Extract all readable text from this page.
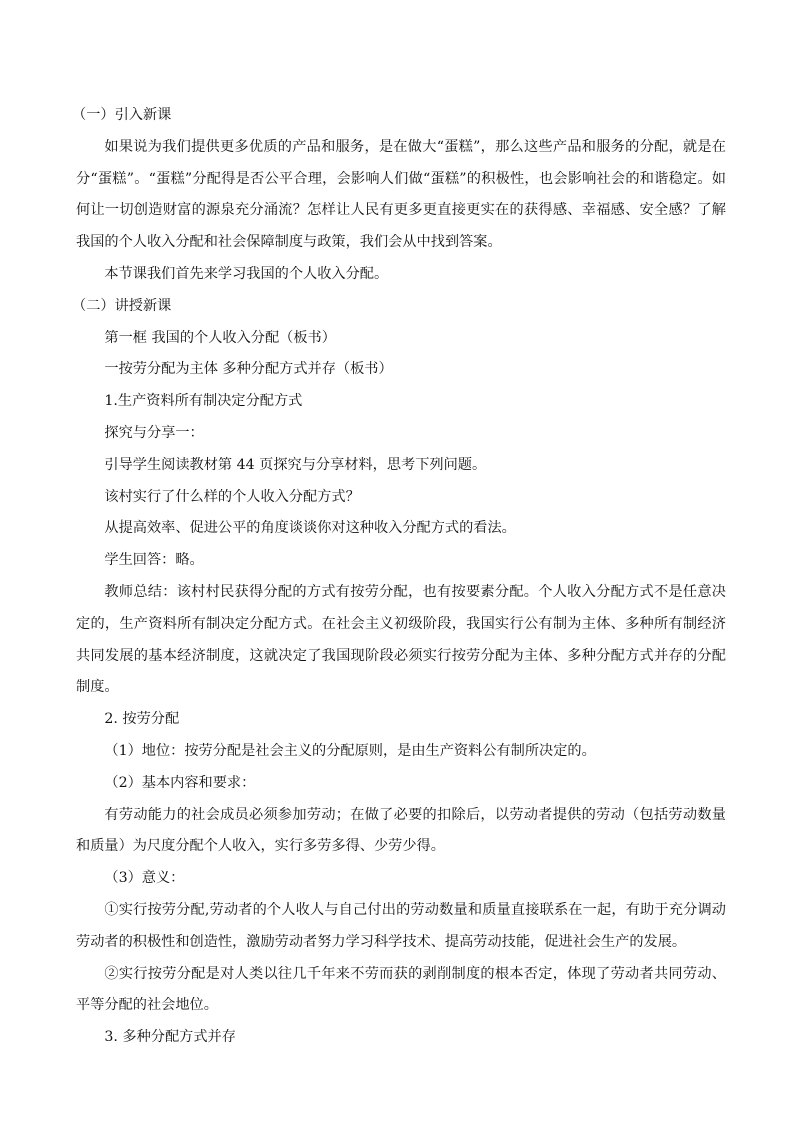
（一）引入新课

如果说为我们提供更多优质的产品和服务，是在做大“蛋糕”，那么这些产品和服务的分配，就是在分“蛋糕”。“蛋糕”分配得是否公平合理，会影响人们做“蛋糕”的积极性，也会影响社会的和谐稳定。如何让一切创造财富的源泉充分涌流？怎样让人民有更多更直接更实在的获得感、幸福感、安全感？了解我国的个人收入分配和社会保障制度与政策，我们会从中找到答案。

本节课我们首先来学习我国的个人收入分配。

（二）讲授新课

第一框 我国的个人收入分配（板书）

一按劳分配为主体 多种分配方式并存（板书）

1.生产资料所有制决定分配方式

探究与分享一：

引导学生阅读教材第 44 页探究与分享材料，思考下列问题。

该村实行了什么样的个人收入分配方式？

从提高效率、促进公平的角度谈谈你对这种收入分配方式的看法。

学生回答：略。

教师总结：该村村民获得分配的方式有按劳分配，也有按要素分配。个人收入分配方式不是任意决定的，生产资料所有制决定分配方式。在社会主义初级阶段，我国实行公有制为主体、多种所有制经济共同发展的基本经济制度，这就决定了我国现阶段必须实行按劳分配为主体、多种分配方式并存的分配制度。

2. 按劳分配

（1）地位：按劳分配是社会主义的分配原则，是由生产资料公有制所决定的。

（2）基本内容和要求：

有劳动能力的社会成员必须参加劳动；在做了必要的扣除后，以劳动者提供的劳动（包括劳动数量和质量）为尺度分配个人收入，实行多劳多得、少劳少得。

（3）意义：

①实行按劳分配,劳动者的个人收人与自己付出的劳动数量和质量直接联系在一起，有助于充分调动劳动者的积极性和创造性，激励劳动者努力学习科学技术、提高劳动技能，促进社会生产的发展。

②实行按劳分配是对人类以往几千年来不劳而获的剥削制度的根本否定，体现了劳动者共同劳动、平等分配的社会地位。

3. 多种分配方式并存
